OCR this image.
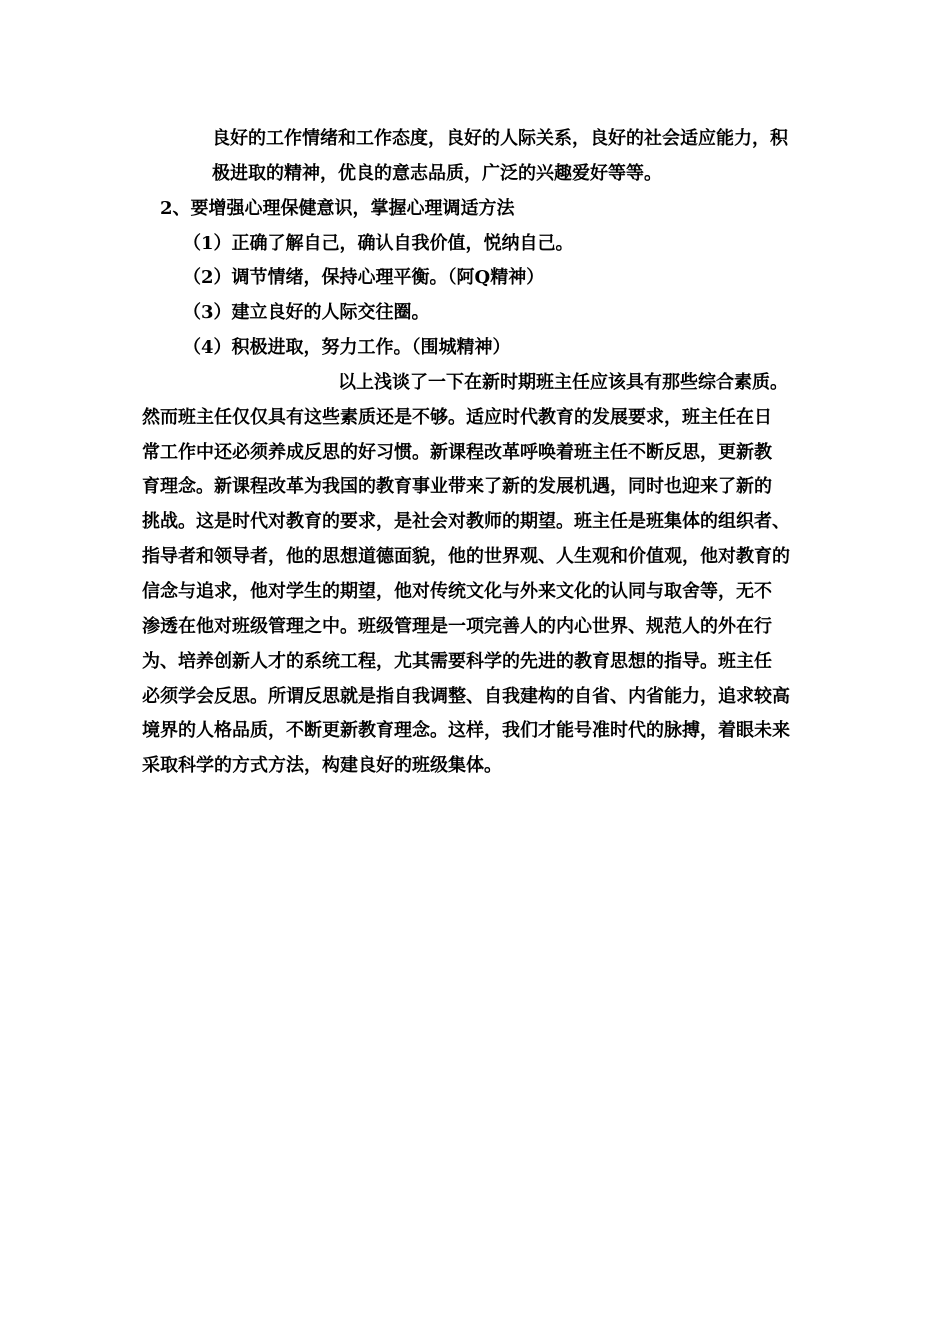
良好的工作情绪和工作态度，良好的人际关系，良好的社会适应能力，积
极进取的精神，优良的意志品质，广泛的兴趣爱好等等。
2、要增强心理保健意识，掌握心理调适方法
（1）正确了解自己，确认自我价值，悦纳自己。
（2）调节情绪，保持心理平衡。（阿Q精神）
（3）建立良好的人际交往圈。
（4）积极进取，努力工作。（围城精神）
以上浅谈了一下在新时期班主任应该具有那些综合素质。
然而班主任仅仅具有这些素质还是不够。适应时代教育的发展要求，班主任在日
常工作中还必须养成反思的好习惯。新课程改革呼唤着班主任不断反思，更新教
育理念。新课程改革为我国的教育事业带来了新的发展机遇，同时也迎来了新的
挑战。这是时代对教育的要求，是社会对教师的期望。班主任是班集体的组织者、
指导者和领导者，他的思想道德面貌，他的世界观、人生观和价值观，他对教育的
信念与追求，他对学生的期望，他对传统文化与外来文化的认同与取舍等，无不
渗透在他对班级管理之中。班级管理是一项完善人的内心世界、规范人的外在行
为、培养创新人才的系统工程，尤其需要科学的先进的教育思想的指导。班主任
必须学会反思。所谓反思就是指自我调整、自我建构的自省、内省能力，追求较高
境界的人格品质，不断更新教育理念。这样，我们才能号准时代的脉搏，着眼未来
采取科学的方式方法，构建良好的班级集体。
